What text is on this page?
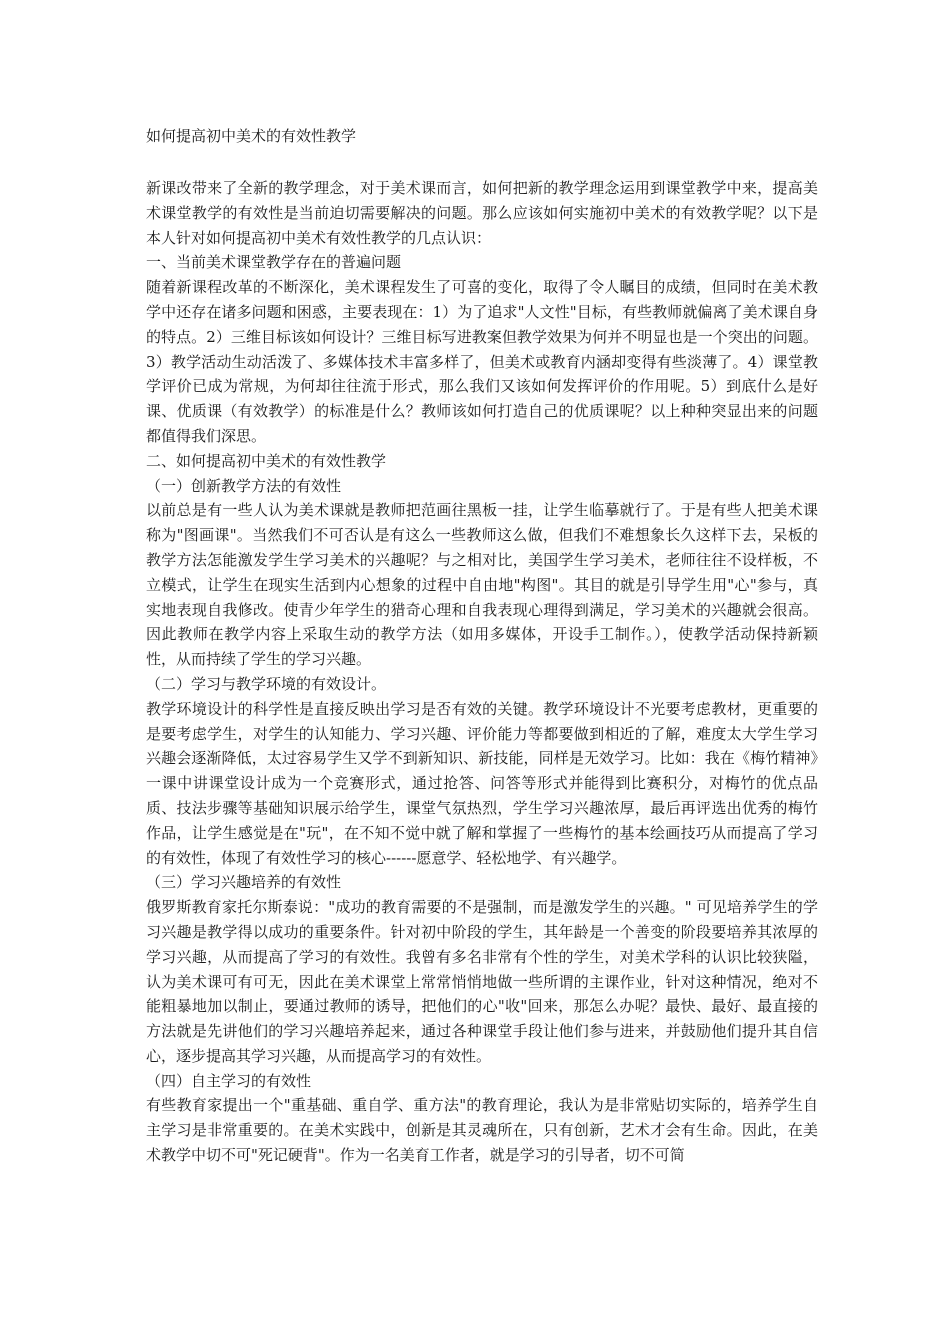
如何提高初中美术的有效性教学

新课改带来了全新的教学理念，对于美术课而言，如何把新的教学理念运用到课堂教学中来，提高美术课堂教学的有效性是当前迫切需要解决的问题。那么应该如何实施初中美术的有效教学呢？以下是本人针对如何提高初中美术有效性教学的几点认识：

一、当前美术课堂教学存在的普遍问题

随着新课程改革的不断深化，美术课程发生了可喜的变化，取得了令人瞩目的成绩，但同时在美术教学中还存在诸多问题和困惑，主要表现在：1）为了追求"人文性"目标，有些教师就偏离了美术课自身的特点。2）三维目标该如何设计？三维目标写进教案但教学效果为何并不明显也是一个突出的问题。3）教学活动生动活泼了、多媒体技术丰富多样了，但美术或教育内涵却变得有些淡薄了。4）课堂教学评价已成为常规，为何却往往流于形式，那么我们又该如何发挥评价的作用呢。5）到底什么是好课、优质课（有效教学）的标准是什么？教师该如何打造自己的优质课呢？以上种种突显出来的问题都值得我们深思。

二、如何提高初中美术的有效性教学
（一）创新教学方法的有效性

以前总是有一些人认为美术课就是教师把范画往黑板一挂，让学生临摹就行了。于是有些人把美术课称为"图画课"。当然我们不可否认是有这么一些教师这么做，但我们不难想象长久这样下去，呆板的教学方法怎能激发学生学习美术的兴趣呢？与之相对比，美国学生学习美术，老师往往不设样板，不立模式，让学生在现实生活到内心想象的过程中自由地"构图"。其目的就是引导学生用"心"参与，真实地表现自我修改。使青少年学生的猎奇心理和自我表现心理得到满足，学习美术的兴趣就会很高。因此教师在教学内容上采取生动的教学方法（如用多媒体，开设手工制作。），使教学活动保持新颖性，从而持续了学生的学习兴趣。

（二）学习与教学环境的有效设计。

教学环境设计的科学性是直接反映出学习是否有效的关键。教学环境设计不光要考虑教材，更重要的是要考虑学生，对学生的认知能力、学习兴趣、评价能力等都要做到相近的了解，难度太大学生学习兴趣会逐渐降低，太过容易学生又学不到新知识、新技能，同样是无效学习。比如：我在《梅竹精神》一课中讲课堂设计成为一个竞赛形式，通过抢答、问答等形式并能得到比赛积分，对梅竹的优点品质、技法步骤等基础知识展示给学生，课堂气氛热烈，学生学习兴趣浓厚，最后再评选出优秀的梅竹作品，让学生感觉是在"玩"，在不知不觉中就了解和掌握了一些梅竹的基本绘画技巧从而提高了学习的有效性，体现了有效性学习的核心------愿意学、轻松地学、有兴趣学。

（三）学习兴趣培养的有效性

俄罗斯教育家托尔斯泰说："成功的教育需要的不是强制，而是激发学生的兴趣。" 可见培养学生的学习兴趣是教学得以成功的重要条件。针对初中阶段的学生，其年龄是一个善变的阶段要培养其浓厚的学习兴趣，从而提高了学习的有效性。我曾有多名非常有个性的学生，对美术学科的认识比较狭隘，认为美术课可有可无，因此在美术课堂上常常悄悄地做一些所谓的主课作业，针对这种情况，绝对不能粗暴地加以制止，要通过教师的诱导，把他们的心"收"回来，那怎么办呢？最快、最好、最直接的方法就是先讲他们的学习兴趣培养起来，通过各种课堂手段让他们参与进来，并鼓励他们提升其自信心，逐步提高其学习兴趣，从而提高学习的有效性。

（四）自主学习的有效性

有些教育家提出一个"重基础、重自学、重方法"的教育理论，我认为是非常贴切实际的，培养学生自主学习是非常重要的。在美术实践中，创新是其灵魂所在，只有创新，艺术才会有生命。因此，在美术教学中切不可"死记硬背"。作为一名美育工作者，就是学习的引导者，切不可简
